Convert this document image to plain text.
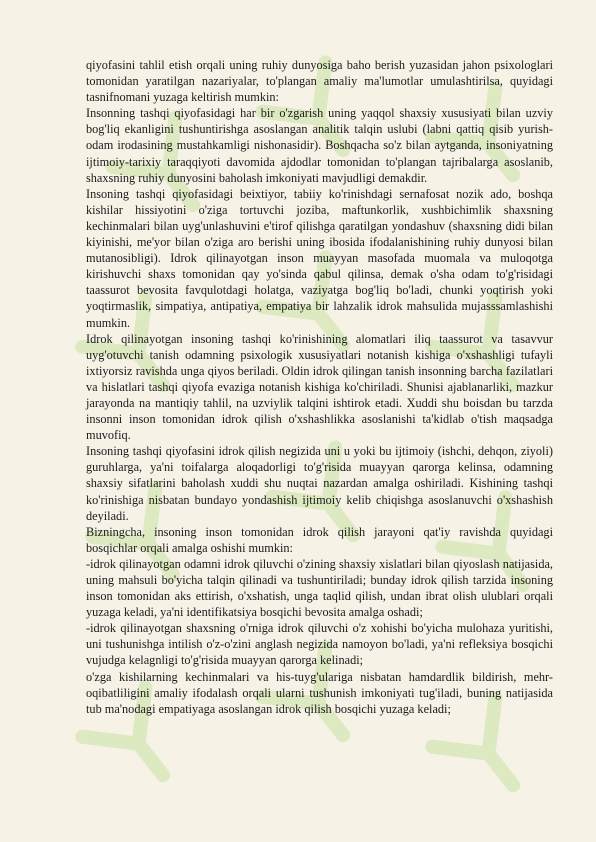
qiyofasini tahlil etish orqali uning ruhiy dunyosiga baho berish yuzasidan jahon psixologlari tomonidan yaratilgan nazariyalar, to'plangan amaliy ma'lumotlar umulashtirilsa, quyidagi tasnifnomani yuzaga keltirish mumkin:

Insonning tashqi qiyofasidagi har bir o'zgarish uning yaqqol shaxsiy xususiyati bilan uzviy bog'liq ekanligini tushuntirishga asoslangan analitik talqin uslubi (labni qattiq qisib yurish-odam irodasining mustahkamligi nishonasidir). Boshqacha so'z bilan aytganda, insoniyatning ijtimoiy-tarixiy taraqqiyoti davomida ajdodlar tomonidan to'plangan tajribalarga asoslanib, shaxsning ruhiy dunyosini baholash imkoniyati mavjudligi demakdir.

Insoning tashqi qiyofasidagi beixtiyor, tabiiy ko'rinishdagi sernafosat nozik ado, boshqa kishilar hissiyotini o'ziga tortuvchi joziba, maftunkorlik, xushbichimlik shaxsning kechinmalari bilan uyg'unlashuvini e'tirof qilishga qaratilgan yondashuv (shaxsning didi bilan kiyinishi, me'yor bilan o'ziga aro berishi uning ibosida ifodalanishining ruhiy dunyosi bilan mutanosibligi). Idrok qilinayotgan inson muayyan masofada muomala va muloqotga kirishuvchi shaxs tomonidan qay yo'sinda qabul qilinsa, demak o'sha odam to'g'risidagi taassurot bevosita favqulotdagi holatga, vaziyatga bog'liq bo'ladi, chunki yoqtirish yoki yoqtirmaslik, simpatiya, antipatiya, empatiya bir lahzalik idrok mahsulida mujasssamlashishi mumkin.

Idrok qilinayotgan insoning tashqi ko'rinishining alomatlari iliq taassurot va tasavvur uyg'otuvchi tanish odamning psixologik xususiyatlari notanish kishiga o'xshashligi tufayli ixtiyorsiz ravishda unga qiyos beriladi. Oldin idrok qilingan tanish insonning barcha fazilatlari va hislatlari tashqi qiyofa evaziga notanish kishiga ko'chiriladi. Shunisi ajablanarliki, mazkur jarayonda na mantiqiy tahlil, na uzviylik talqini ishtirok etadi. Xuddi shu boisdan bu tarzda insonni inson tomonidan idrok qilish o'xshashlikka asoslanishi ta'kidlab o'tish maqsadga muvofiq.

Insoning tashqi qiyofasini idrok qilish negizida uni u yoki bu ijtimoiy (ishchi, dehqon, ziyoli) guruhlarga, ya'ni toifalarga aloqadorligi to'g'risida muayyan qarorga kelinsa, odamning shaxsiy sifatlarini baholash xuddi shu nuqtai nazardan amalga oshiriladi. Kishining tashqi ko'rinishiga nisbatan bundayo yondashish ijtimoiy kelib chiqishga asoslanuvchi o'xshashish deyiladi.

Bizningcha, insoning inson tomonidan idrok qilish jarayoni qat'iy ravishda quyidagi bosqichlar orqali amalga oshishi mumkin:

-idrok qilinayotgan odamni idrok qiluvchi o'zining shaxsiy xislatlari bilan qiyoslash natijasida, uning mahsuli bo'yicha talqin qilinadi va tushuntiriladi; bunday idrok qilish tarzida insoning inson tomonidan aks ettirish, o'xshatish, unga taqlid qilish, undan ibrat olish ulublari orqali yuzaga keladi, ya'ni identifikatsiya bosqichi bevosita amalga oshadi;

-idrok qilinayotgan shaxsning o'rniga idrok qiluvchi o'z xohishi bo'yicha mulohaza yuritishi, uni tushunishga intilish o'z-o'zini anglash negizida namoyon bo'ladi, ya'ni refleksiya bosqichi vujudga kelagnligi to'g'risida muayyan qarorga kelinadi;

o'zga kishilarning kechinmalari va his-tuyg'ulariga nisbatan hamdardlik bildirish, mehr-oqibatliligini amaliy ifodalash orqali ularni tushunish imkoniyati tug'iladi, buning natijasida tub ma'nodagi empatiyaga asoslangan idrok qilish bosqichi yuzaga keladi;
